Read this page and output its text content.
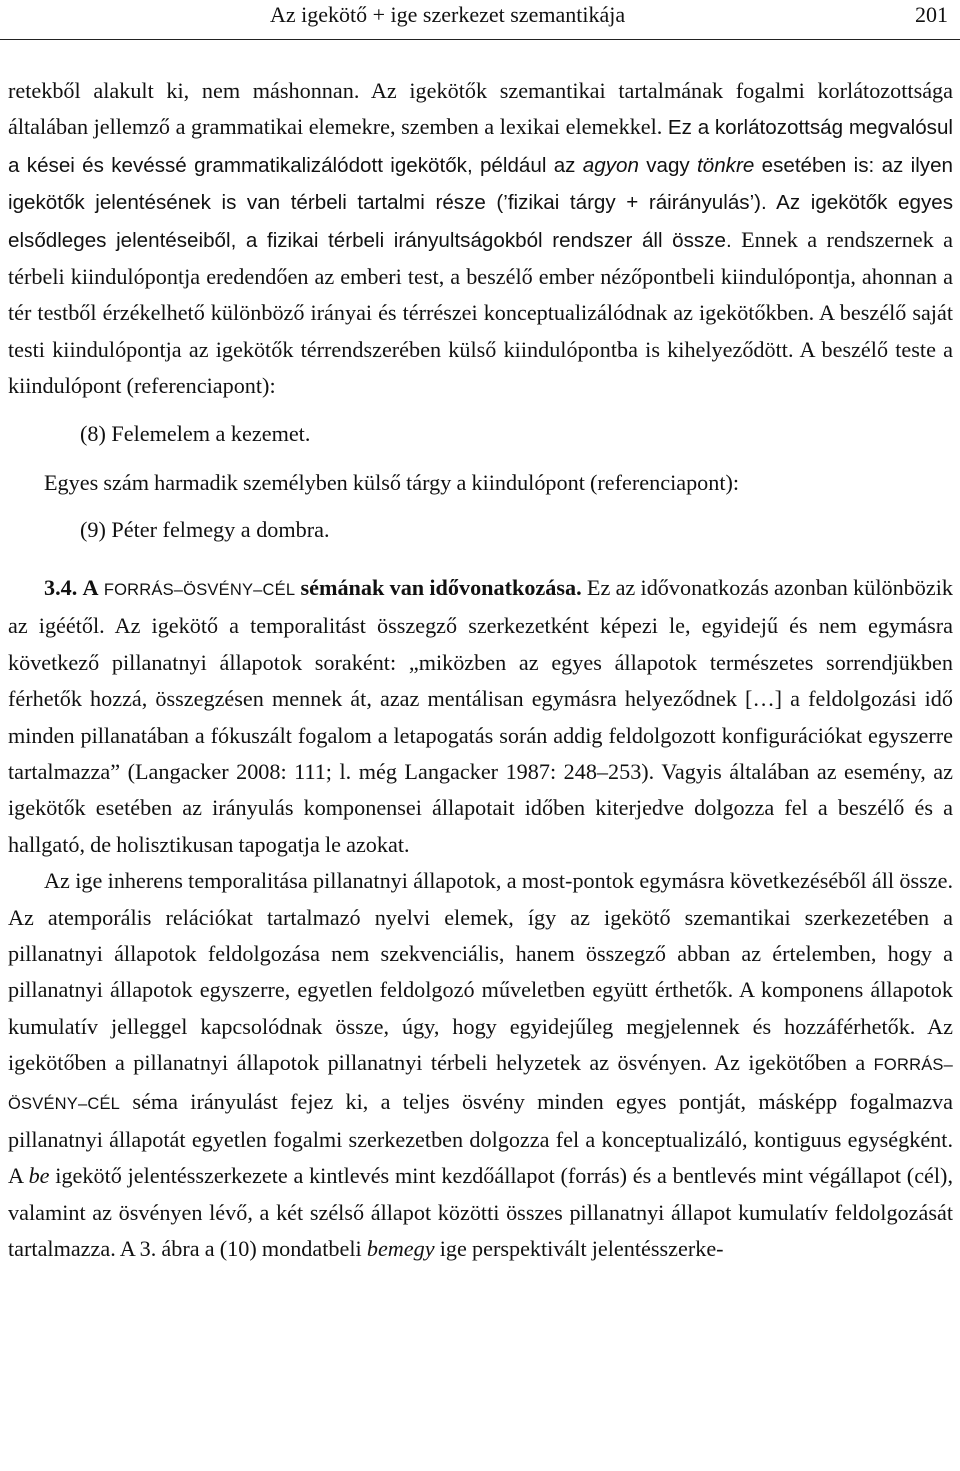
Az igekötő + ige szerkezet szemantikája	201

retekből alakult ki, nem máshonnan. Az igekötők szemantikai tartalmának fogalmi korlátozottsága általában jellemző a grammatikai elemekre, szemben a lexikai elemekkel. Ez a korlátozottság megvalósul a kései és kevéssé grammatikalizálódott igekötők, például az agyon vagy tönkre esetében is: az ilyen igekötők jelentésének is van térbeli tartalmi része (’fizikai tárgy + ráirányulás’). Az igekötők egyes elsődleges jelentéseiből, a fizikai térbeli irányultságokból rendszer áll össze. Ennek a rendszernek a térbeli kiindulópontja eredendően az emberi test, a beszélő ember nézőpontbeli kiindulópontja, ahonnan a tér testből érzékelhető különböző irányai és térrészei konceptualizálódnak az igekötőkben. A beszélő saját testi kiindulópontja az igekötők térrendszerében külső kiindulópontba is kihelyeződött. A beszélő teste a kiindulópont (referenciapont):

(8) Felemelem a kezemet.

Egyes szám harmadik személyben külső tárgy a kiindulópont (referenciapont):

(9) Péter felmegy a dombra.

3.4. A FORRÁS–ÖSVÉNY–CÉL sémának van idővonatkozása. Ez az idővonatkozás azonban különbözik az igéétől. Az igekötő a temporalitást összegző szerkezetként képezi le, egyidejű és nem egymásra következő pillanatnyi állapotok soraként: „miközben az egyes állapotok természetes sorrendjükben férhetők hozzá, összegzésen mennek át, azaz mentálisan egymásra helyeződnek […] a feldolgozási idő minden pillanatában a fókuszált fogalom a letapogatás során addig feldolgozott konfigurációkat egyszerre tartalmazza” (Langacker 2008: 111; l. még Langacker 1987: 248–253). Vagyis általában az esemény, az igekötők esetében az irányulás komponensei állapotait időben kiterjedve dolgozza fel a beszélő és a hallgató, de holisztikusan tapogatja le azokat.

Az ige inherens temporalitása pillanatnyi állapotok, a most-pontok egymásra következéséből áll össze. Az atemporális relációkat tartalmazó nyelvi elemek, így az igekötő szemantikai szerkezetében a pillanatnyi állapotok feldolgozása nem szekvenciális, hanem összegző abban az értelemben, hogy a pillanatnyi állapotok egyszerre, egyetlen feldolgozó műveletben együtt érthetők. A komponens állapotok kumulatív jelleggel kapcsolódnak össze, úgy, hogy egyidejűleg megjelennek és hozzáférhetők. Az igekötőben a pillanatnyi állapotok pillanatnyi térbeli helyzetek az ösvényen. Az igekötőben a FORRÁS–ÖSVÉNY–CÉL séma irányulást fejez ki, a teljes ösvény minden egyes pontját, másképp fogalmazva pillanatnyi állapotát egyetlen fogalmi szerkezetben dolgozza fel a konceptualizáló, kontiguus egységként. A be igekötő jelentésszerkezete a kintlevés mint kezdőállapot (forrás) és a bentlevés mint végállapot (cél), valamint az ösvényen lévő, a két szélső állapot közötti összes pillanatnyi állapot kumulatív feldolgozását tartalmazza. A 3. ábra a (10) mondatbeli bemegy ige perspektivált jelentésszerke-
